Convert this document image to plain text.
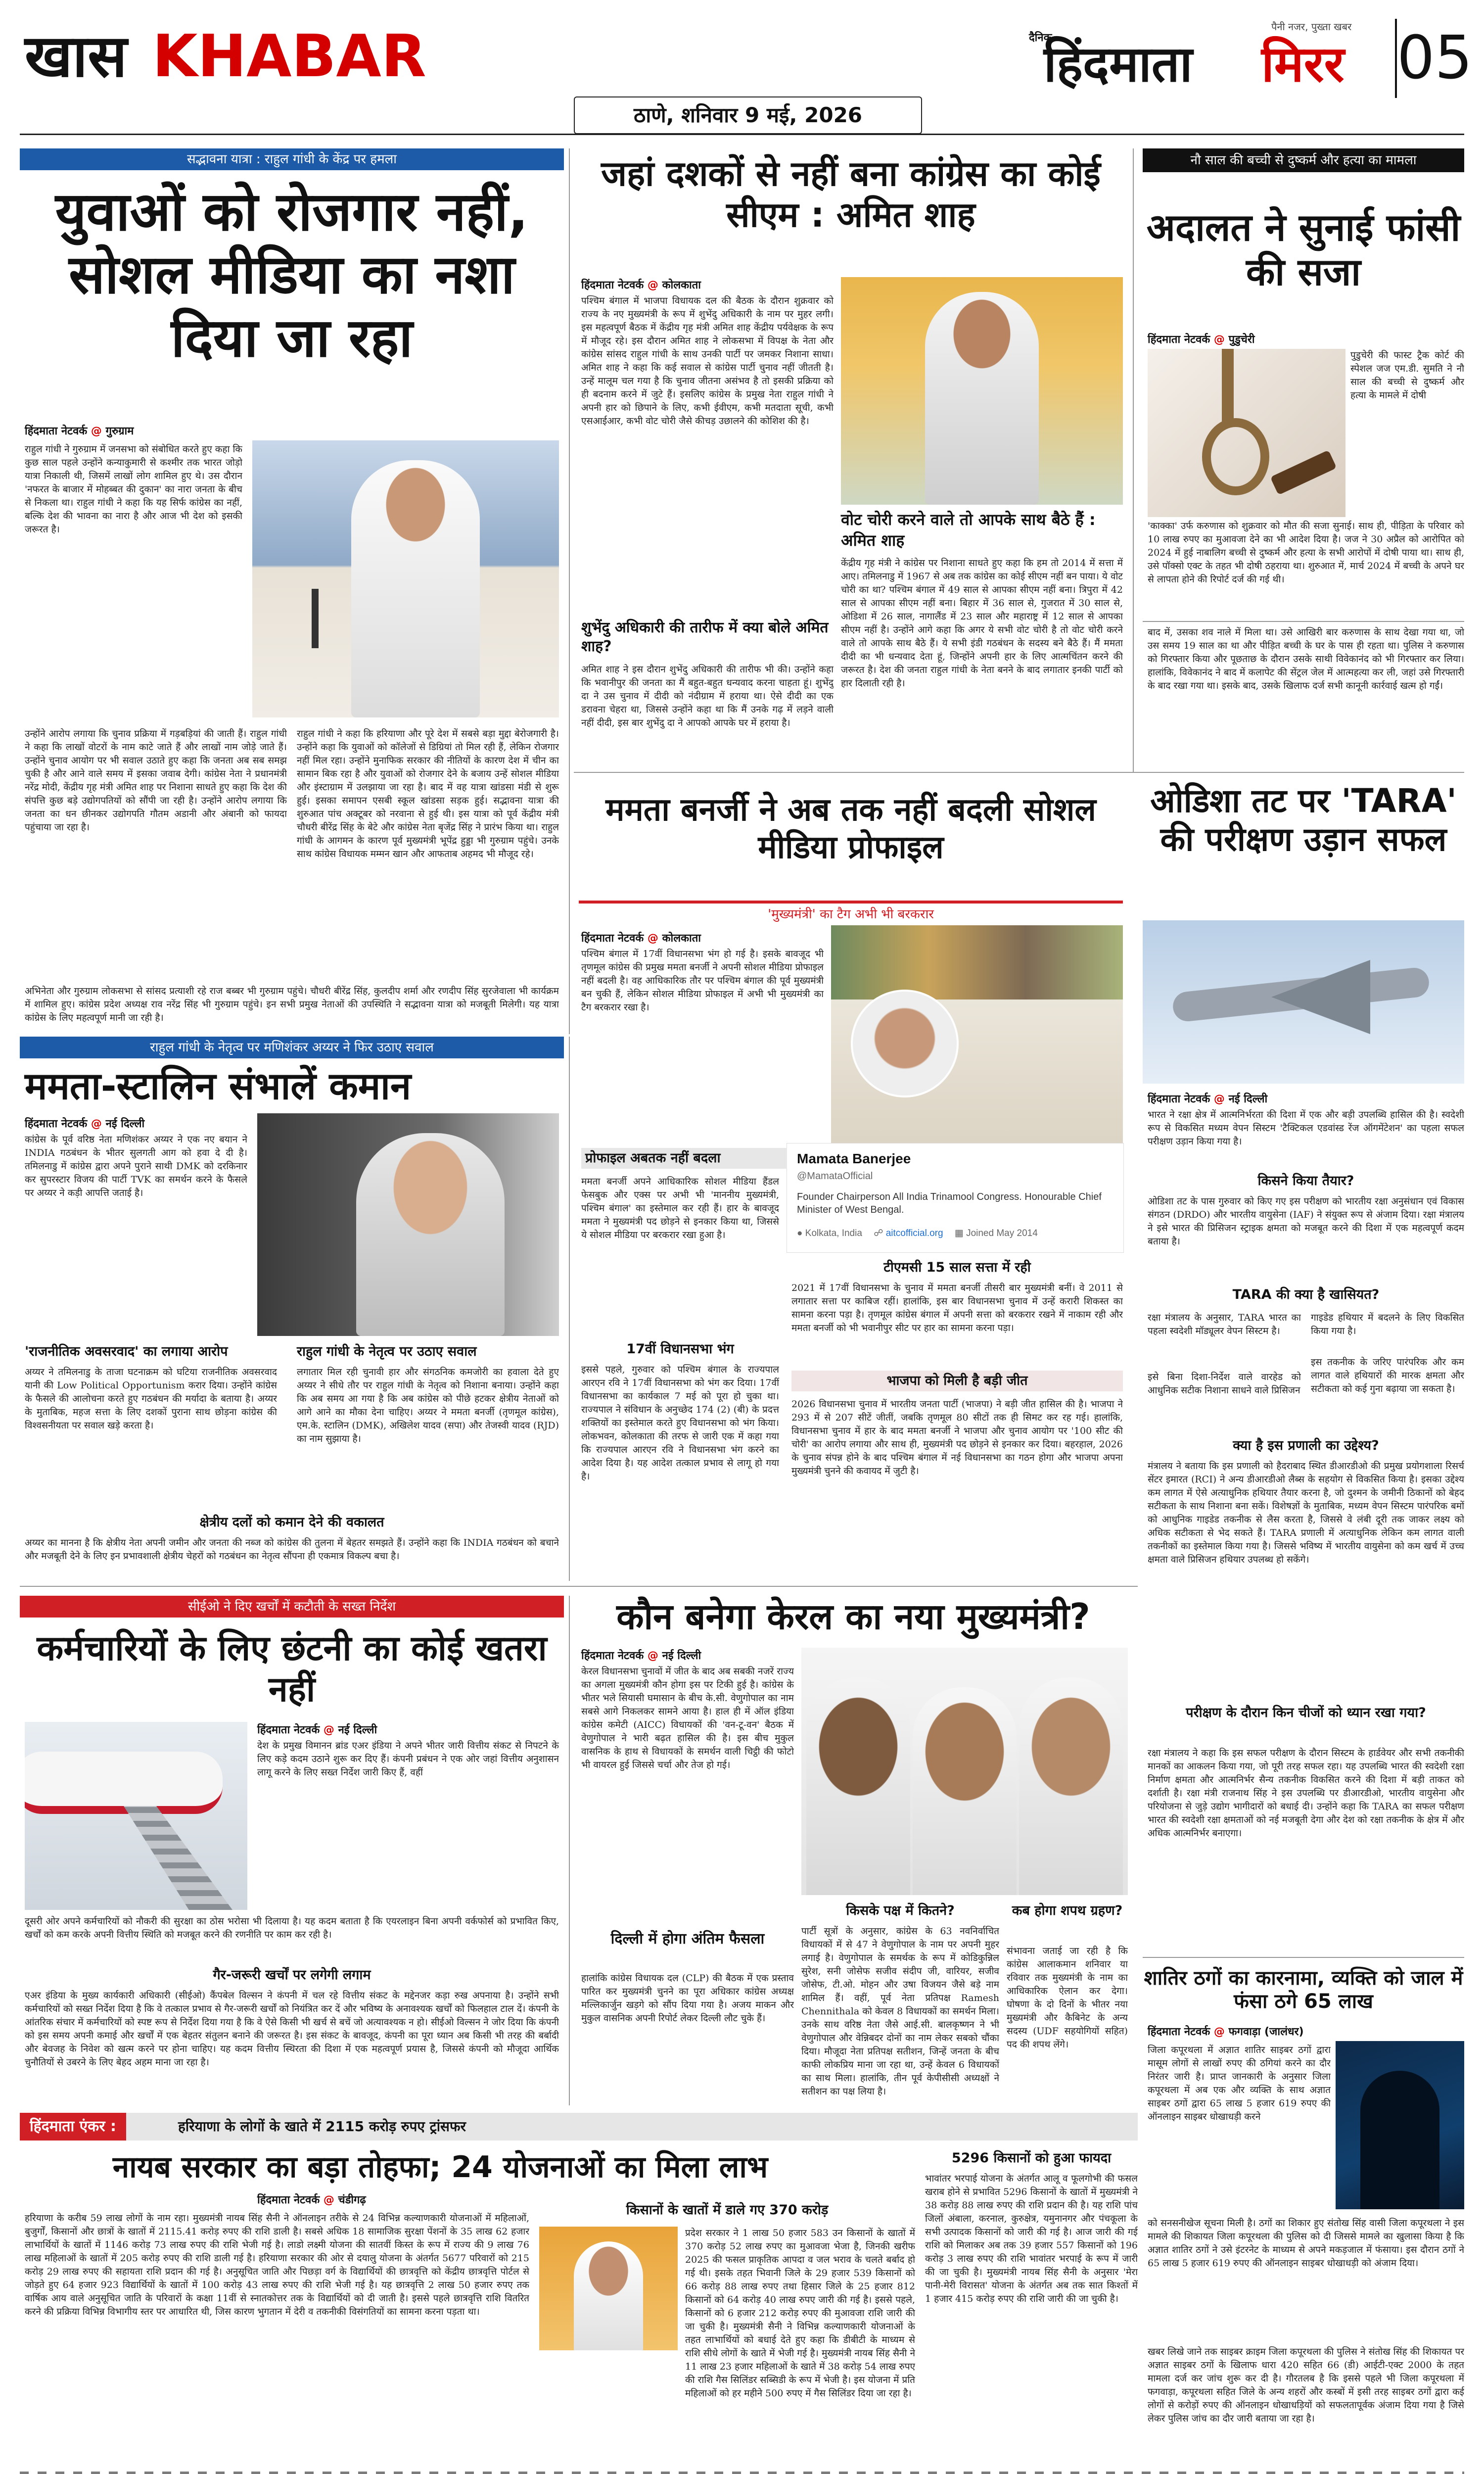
खास KHABAR
ठाणे, शनिवार 9 मई, 2026
दैनिक
हिंदमाता मिरर
पैनी नजर, पुख्ता खबर 05
सद्भावना यात्रा : राहुल गांधी के केंद्र पर हमला
युवाओं को रोजगार नहीं, सोशल मीडिया का नशा दिया जा रहा

हिंदमाता नेटवर्क @ गुरुग्राम

राहुल गांधी ने गुरुग्राम में जनसभा को संबोधित करते हुए कहा कि कुछ साल पहले उन्होंने कन्याकुमारी से कश्मीर तक भारत जोड़ो यात्रा निकाली थी, जिसमें लाखों लोग शामिल हुए थे। उस दौरान 'नफरत के बाजार में मोहब्बत की दुकान' का नारा जनता के बीच से निकला था। राहुल गांधी ने कहा कि यह सिर्फ कांग्रेस का नहीं, बल्कि देश की भावना का नारा है और आज भी देश को इसकी जरूरत है।

उन्होंने आरोप लगाया कि चुनाव प्रक्रिया में गड़बड़ियां की जाती हैं। राहुल गांधी ने कहा कि लाखों वोटरों के नाम काटे जाते हैं और लाखों नाम जोड़े जाते हैं। उन्होंने चुनाव आयोग पर भी सवाल उठाते हुए कहा कि जनता अब सब समझ चुकी है और आने वाले समय में इसका जवाब देगी। कांग्रेस नेता ने प्रधानमंत्री नरेंद्र मोदी, केंद्रीय गृह मंत्री अमित शाह पर निशाना साधते हुए कहा कि देश की संपत्ति कुछ बड़े उद्योगपतियों को सौंपी जा रही है। उन्होंने आरोप लगाया कि जनता का धन छीनकर उद्योगपति गौतम अडानी और अंबानी को फायदा पहुंचाया जा रहा है।

राहुल गांधी ने कहा कि हरियाणा और पूरे देश में सबसे बड़ा मुद्दा बेरोजगारी है। उन्होंने कहा कि युवाओं को कॉलेजों से डिग्रियां तो मिल रही हैं, लेकिन रोजगार नहीं मिल रहा। उन्होंने मुनाफिक सरकार की नीतियों के कारण देश में चीन का सामान बिक रहा है और युवाओं को रोजगार देने के बजाय उन्हें सोशल मीडिया और इंस्टाग्राम में उलझाया जा रहा है। बाद में वह यात्रा खांडसा मंडी से शुरू हुई। इसका समापन एसबी स्कूल खांडसा सड़क हुई। सद्भावना यात्रा की शुरुआत पांच अक्टूबर को नरवाना से हुई थी। इस यात्रा को पूर्व केंद्रीय मंत्री चौधरी बीरेंद्र सिंह के बेटे और कांग्रेस नेता बृजेंद्र सिंह ने प्रारंभ किया था। राहुल गांधी के आगमन के कारण पूर्व मुख्यमंत्री भूपेंद्र हुड्डा भी गुरुग्राम पहुंचे। उनके साथ कांग्रेस विधायक मम्मन खान और आफताब अहमद भी मौजूद रहे।

अभिनेता और गुरुग्राम लोकसभा से सांसद प्रत्याशी रहे राज बब्बर भी गुरुग्राम पहुंचे। चौधरी बीरेंद्र सिंह, कुलदीप शर्मा और रणदीप सिंह सुरजेवाला भी कार्यक्रम में शामिल हुए। कांग्रेस प्रदेश अध्यक्ष राव नरेंद्र सिंह भी गुरुग्राम पहुंचे। इन सभी प्रमुख नेताओं की उपस्थिति ने सद्भावना यात्रा को मजबूती मिलेगी। यह यात्रा कांग्रेस के लिए महत्वपूर्ण मानी जा रही है।

जहां दशकों से नहीं बना कांग्रेस का कोई सीएम : अमित शाह

हिंदमाता नेटवर्क @ कोलकाता

पश्चिम बंगाल में भाजपा विधायक दल की बैठक के दौरान शुक्रवार को राज्य के नए मुख्यमंत्री के रूप में शुभेंदु अधिकारी के नाम पर मुहर लगी। इस महत्वपूर्ण बैठक में केंद्रीय गृह मंत्री अमित शाह केंद्रीय पर्यवेक्षक के रूप में मौजूद रहे। इस दौरान अमित शाह ने लोकसभा में विपक्ष के नेता और कांग्रेस सांसद राहुल गांधी के साथ उनकी पार्टी पर जमकर निशाना साधा। अमित शाह ने कहा कि कई सवाल से कांग्रेस पार्टी चुनाव नहीं जीतती है। उन्हें मालूम चल गया है कि चुनाव जीतना असंभव है तो इसकी प्रक्रिया को ही बदनाम करने में जुटे हैं। इसलिए कांग्रेस के प्रमुख नेता राहुल गांधी ने अपनी हार को छिपाने के लिए, कभी ईवीएम, कभी मतदाता सूची, कभी एसआईआर, कभी वोट चोरी जैसे कीचड़ उछालने की कोशिश की है।

वोट चोरी करने वाले तो आपके साथ बैठे हैं : अमित शाह

केंद्रीय गृह मंत्री ने कांग्रेस पर निशाना साधते हुए कहा कि हम तो 2014 में सत्ता में आए। तमिलनाडु में 1967 से अब तक कांग्रेस का कोई सीएम नहीं बन पाया। ये वोट चोरी का था? पश्चिम बंगाल में 49 साल से आपका सीएम नहीं बना। त्रिपुरा में 42 साल से आपका सीएम नहीं बना। बिहार में 36 साल से, गुजरात में 30 साल से, ओडिशा में 26 साल, नागालैंड में 23 साल और महाराष्ट्र में 12 साल से आपका सीएम नहीं है। उन्होंने आगे कहा कि अगर ये सभी वोट चोरी है तो वोट चोरी करने वाले तो आपके साथ बैठे हैं। ये सभी इंडी गठबंधन के सदस्य बने बैठे हैं। मैं ममता दीदी का भी धन्यवाद देता हूं, जिन्होंने अपनी हार के लिए आत्मचिंतन करने की जरूरत है। देश की जनता राहुल गांधी के नेता बनने के बाद लगातार इनकी पार्टी को हार दिलाती रही है।

शुभेंदु अधिकारी की तारीफ में क्या बोले अमित शाह?

अमित शाह ने इस दौरान शुभेंदु अधिकारी की तारीफ भी की। उन्होंने कहा कि भवानीपुर की जनता का मैं बहुत-बहुत धन्यवाद करना चाहता हूं। शुभेंदु दा ने उस चुनाव में दीदी को नंदीग्राम में हराया था। ऐसे दीदी का एक डरावना चेहरा था, जिससे उन्होंने कहा था कि मैं उनके गढ़ में लड़ने वाली नहीं दीदी, इस बार शुभेंदु दा ने आपको आपके घर में हराया है।

नौ साल की बच्ची से दुष्कर्म और हत्या का मामला
अदालत ने सुनाई फांसी की सजा

हिंदमाता नेटवर्क @ पुडुचेरी

पुडुचेरी की फास्ट ट्रैक कोर्ट की स्पेशल जज एम.डी. सुमति ने नौ साल की बच्ची से दुष्कर्म और हत्या के मामले में दोषी

'काक्का' उर्फ करुणास को शुक्रवार को मौत की सजा सुनाई। साथ ही, पीड़िता के परिवार को 10 लाख रुपए का मुआवजा देने का भी आदेश दिया है। जज ने 30 अप्रैल को आरोपित को 2024 में हुई नाबालिग बच्ची से दुष्कर्म और हत्या के सभी आरोपों में दोषी पाया था। साथ ही, उसे पॉक्सो एक्ट के तहत भी दोषी ठहराया था। शुरुआत में, मार्च 2024 में बच्ची के अपने घर से लापता होने की रिपोर्ट दर्ज की गई थी।

बाद में, उसका शव नाले में मिला था। उसे आखिरी बार करुणास के साथ देखा गया था, जो उस समय 19 साल का था और पीड़ित बच्ची के घर के पास ही रहता था। पुलिस ने करुणास को गिरफ्तार किया और पूछताछ के दौरान उसके साथी विवेकानंद को भी गिरफ्तार कर लिया। हालांकि, विवेकानंद ने बाद में कलापेट की सेंट्रल जेल में आत्महत्या कर ली, जहां उसे गिरफ्तारी के बाद रखा गया था। इसके बाद, उसके खिलाफ दर्ज सभी कानूनी कार्रवाई खत्म हो गईं।

ममता बनर्जी ने अब तक नहीं बदली सोशल मीडिया प्रोफाइल
'मुख्यमंत्री' का टैग अभी भी बरकरार

हिंदमाता नेटवर्क @ कोलकाता

पश्चिम बंगाल में 17वीं विधानसभा भंग हो गई है। इसके बावजूद भी तृणमूल कांग्रेस की प्रमुख ममता बनर्जी ने अपनी सोशल मीडिया प्रोफाइल नहीं बदली है। वह आधिकारिक तौर पर पश्चिम बंगाल की पूर्व मुख्यमंत्री बन चुकी हैं, लेकिन सोशल मीडिया प्रोफाइल में अभी भी मुख्यमंत्री का टैग बरकरार रखा है।

Mamata Banerjee
@MamataOfficial
Founder Chairperson All India Trinamool Congress. Honourable Chief Minister of West Bengal.
● Kolkata, India ☍ aitcofficial.org ▦ Joined May 2014
प्रोफाइल अबतक नहीं बदला

ममता बनर्जी अपने आधिकारिक सोशल मीडिया हैंडल फेसबुक और एक्स पर अभी भी 'माननीय मुख्यमंत्री, पश्चिम बंगाल' का इस्तेमाल कर रही हैं। हार के बावजूद ममता ने मुख्यमंत्री पद छोड़ने से इनकार किया था, जिससे ये सोशल मीडिया पर बरकरार रखा हुआ है।

17वीं विधानसभा भंग

इससे पहले, गुरुवार को पश्चिम बंगाल के राज्यपाल आरएन रवि ने 17वीं विधानसभा को भंग कर दिया। 17वीं विधानसभा का कार्यकाल 7 मई को पूरा हो चुका था। राज्यपाल ने संविधान के अनुच्छेद 174 (2) (बी) के प्रदत्त शक्तियों का इस्तेमाल करते हुए विधानसभा को भंग किया। लोकभवन, कोलकाता की तरफ से जारी एक में कहा गया कि राज्यपाल आरएन रवि ने विधानसभा भंग करने का आदेश दिया है। यह आदेश तत्काल प्रभाव से लागू हो गया है।

टीएमसी 15 साल सत्ता में रही

2021 में 17वीं विधानसभा के चुनाव में ममता बनर्जी तीसरी बार मुख्यमंत्री बनीं। वे 2011 से लगातार सत्ता पर काबिज रहीं। हालांकि, इस बार विधानसभा चुनाव में उन्हें करारी शिकस्त का सामना करना पड़ा है। तृणमूल कांग्रेस बंगाल में अपनी सत्ता को बरकरार रखने में नाकाम रही और ममता बनर्जी को भी भवानीपुर सीट पर हार का सामना करना पड़ा।

भाजपा को मिली है बड़ी जीत

2026 विधानसभा चुनाव में भारतीय जनता पार्टी (भाजपा) ने बड़ी जीत हासिल की है। भाजपा ने 293 में से 207 सीटें जीतीं, जबकि तृणमूल 80 सीटों तक ही सिमट कर रह गई। हालांकि, विधानसभा चुनाव में हार के बाद ममता बनर्जी ने भाजपा और चुनाव आयोग पर '100 सीट की चोरी' का आरोप लगाया और साथ ही, मुख्यमंत्री पद छोड़ने से इनकार कर दिया। बहरहाल, 2026 के चुनाव संपन्न होने के बाद पश्चिम बंगाल में नई विधानसभा का गठन होगा और भाजपा अपना मुख्यमंत्री चुनने की कवायद में जुटी है।

ओडिशा तट पर 'TARA' की परीक्षण उड़ान सफल

हिंदमाता नेटवर्क @ नई दिल्ली

भारत ने रक्षा क्षेत्र में आत्मनिर्भरता की दिशा में एक और बड़ी उपलब्धि हासिल की है। स्वदेशी रूप से विकसित मध्यम वेपन सिस्टम 'टैक्टिकल एडवांस्ड रेंज ऑगमेंटेशन' का पहला सफल परीक्षण उड़ान किया गया है।

किसने किया तैयार?

ओडिशा तट के पास गुरुवार को किए गए इस परीक्षण को भारतीय रक्षा अनुसंधान एवं विकास संगठन (DRDO) और भारतीय वायुसेना (IAF) ने संयुक्त रूप से अंजाम दिया। रक्षा मंत्रालय ने इसे भारत की प्रिसिजन स्ट्राइक क्षमता को मजबूत करने की दिशा में एक महत्वपूर्ण कदम बताया है।

TARA की क्या है खासियत?

रक्षा मंत्रालय के अनुसार, TARA भारत का पहला स्वदेशी मॉड्यूलर वेपन सिस्टम है।

इसे बिना दिशा-निर्देश वाले वारहेड को आधुनिक सटीक निशाना साधने वाले प्रिसिजन

गाइडेड हथियार में बदलने के लिए विकसित किया गया है।

इस तकनीक के जरिए पारंपरिक और कम लागत वाले हथियारों की मारक क्षमता और सटीकता को कई गुना बढ़ाया जा सकता है।

क्या है इस प्रणाली का उद्देश्य?

मंत्रालय ने बताया कि इस प्रणाली को हैदराबाद स्थित डीआरडीओ की प्रमुख प्रयोगशाला रिसर्च सेंटर इमारत (RCI) ने अन्य डीआरडीओ लैब्स के सहयोग से विकसित किया है। इसका उद्देश्य कम लागत में ऐसे अत्याधुनिक हथियार तैयार करना है, जो दुश्मन के जमीनी ठिकानों को बेहद सटीकता के साथ निशाना बना सकें। विशेषज्ञों के मुताबिक, मध्यम वेपन सिस्टम पारंपरिक बमों को आधुनिक गाइडेड तकनीक से लैस करता है, जिससे वे लंबी दूरी तक जाकर लक्ष्य को अधिक सटीकता से भेद सकते हैं। TARA प्रणाली में अत्याधुनिक लेकिन कम लागत वाली तकनीकों का इस्तेमाल किया गया है। जिससे भविष्य में भारतीय वायुसेना को कम खर्च में उच्च क्षमता वाले प्रिसिजन हथियार उपलब्ध हो सकेंगे।

परीक्षण के दौरान किन चीजों को ध्यान रखा गया?

रक्षा मंत्रालय ने कहा कि इस सफल परीक्षण के दौरान सिस्टम के हार्डवेयर और सभी तकनीकी मानकों का आकलन किया गया, जो पूरी तरह सफल रहा। यह उपलब्धि भारत की स्वदेशी रक्षा निर्माण क्षमता और आत्मनिर्भर सैन्य तकनीक विकसित करने की दिशा में बड़ी ताकत को दर्शाती है। रक्षा मंत्री राजनाथ सिंह ने इस उपलब्धि पर डीआरडीओ, भारतीय वायुसेना और परियोजना से जुड़े उद्योग भागीदारों को बधाई दी। उन्होंने कहा कि TARA का सफल परीक्षण भारत की स्वदेशी रक्षा क्षमताओं को नई मजबूती देगा और देश को रक्षा तकनीक के क्षेत्र में और अधिक आत्मनिर्भर बनाएगा।

राहुल गांधी के नेतृत्व पर मणिशंकर अय्यर ने फिर उठाए सवाल
ममता-स्टालिन संभालें कमान

हिंदमाता नेटवर्क @ नई दिल्ली

कांग्रेस के पूर्व वरिष्ठ नेता मणिशंकर अय्यर ने एक नए बयान ने INDIA गठबंधन के भीतर सुलगती आग को हवा दे दी है। तमिलनाडु में कांग्रेस द्वारा अपने पुराने साथी DMK को दरकिनार कर सुपरस्टार विजय की पार्टी TVK का समर्थन करने के फैसले पर अय्यर ने कड़ी आपत्ति जताई है।

'राजनीतिक अवसरवाद' का लगाया आरोप

अय्यर ने तमिलनाडु के ताजा घटनाक्रम को घटिया राजनीतिक अवसरवाद यानी की Low Political Opportunism करार दिया। उन्होंने कांग्रेस के फैसले की आलोचना करते हुए गठबंधन की मर्यादा के बताया है। अय्यर के मुताबिक, महज सत्ता के लिए दशकों पुराना साथ छोड़ना कांग्रेस की विश्वसनीयता पर सवाल खड़े करता है।

राहुल गांधी के नेतृत्व पर उठाए सवाल

लगातार मिल रही चुनावी हार और संगठनिक कमजोरी का हवाला देते हुए अय्यर ने सीधे तौर पर राहुल गांधी के नेतृत्व को निशाना बनाया। उन्होंने कहा कि अब समय आ गया है कि अब कांग्रेस को पीछे हटकर क्षेत्रीय नेताओं को आगे आने का मौका देना चाहिए। अय्यर ने ममता बनर्जी (तृणमूल कांग्रेस), एम.के. स्टालिन (DMK), अखिलेश यादव (सपा) और तेजस्वी यादव (RJD) का नाम सुझाया है।

क्षेत्रीय दलों को कमान देने की वकालत

अय्यर का मानना है कि क्षेत्रीय नेता अपनी जमीन और जनता की नब्ज को कांग्रेस की तुलना में बेहतर समझते हैं। उन्होंने कहा कि INDIA गठबंधन को बचाने और मजबूती देने के लिए इन प्रभावशाली क्षेत्रीय चेहरों को गठबंधन का नेतृत्व सौंपना ही एकमात्र विकल्प बचा है।

सीईओ ने दिए खर्चों में कटौती के सख्त निर्देश
कर्मचारियों के लिए छंटनी का कोई खतरा नहीं

हिंदमाता नेटवर्क @ नई दिल्ली

देश के प्रमुख विमानन ब्रांड एअर इंडिया ने अपने भीतर जारी वित्तीय संकट से निपटने के लिए कड़े कदम उठाने शुरू कर दिए हैं। कंपनी प्रबंधन ने एक ओर जहां वित्तीय अनुशासन लागू करने के लिए सख्त निर्देश जारी किए हैं, वहीं

दूसरी ओर अपने कर्मचारियों को नौकरी की सुरक्षा का ठोस भरोसा भी दिलाया है। यह कदम बताता है कि एयरलाइन बिना अपनी वर्कफोर्स को प्रभावित किए, खर्चों को कम करके अपनी वित्तीय स्थिति को मजबूत करने की रणनीति पर काम कर रही है।

गैर-जरूरी खर्चों पर लगेगी लगाम

एअर इंडिया के मुख्य कार्यकारी अधिकारी (सीईओ) कैंपबेल विल्सन ने कंपनी में चल रहे वित्तीय संकट के मद्देनजर कड़ा रुख अपनाया है। उन्होंने सभी कर्मचारियों को सख्त निर्देश दिया है कि वे तत्काल प्रभाव से गैर-जरूरी खर्चों को नियंत्रित कर दें और भविष्य के अनावश्यक खर्चों को फिलहाल टाल दें। कंपनी के आंतरिक संचार में कर्मचारियों को स्पष्ट रूप से निर्देश दिया गया है कि वे ऐसे किसी भी खर्च से बचें जो अत्यावश्यक न हो। सीईओ विल्सन ने जोर दिया कि कंपनी को इस समय अपनी कमाई और खर्चों में एक बेहतर संतुलन बनाने की जरूरत है। इस संकट के बावजूद, कंपनी का पूरा ध्यान अब किसी भी तरह की बर्बादी और बेवजह के निवेश को खत्म करने पर होना चाहिए। यह कदम वित्तीय स्थिरता की दिशा में एक महत्वपूर्ण प्रयास है, जिससे कंपनी को मौजूदा आर्थिक चुनौतियों से उबरने के लिए बेहद अहम माना जा रहा है।

कौन बनेगा केरल का नया मुख्यमंत्री?

हिंदमाता नेटवर्क @ नई दिल्ली

केरल विधानसभा चुनावों में जीत के बाद अब सबकी नजरें राज्य का अगला मुख्यमंत्री कौन होगा इस पर टिकी हुई है। कांग्रेस के भीतर भले सियासी घमासान के बीच के.सी. वेणुगोपाल का नाम सबसे आगे निकलकर सामने आया है। हाल ही में ऑल इंडिया कांग्रेस कमेटी (AICC) विधायकों की 'वन-टू-वन' बैठक में वेणुगोपाल ने भारी बढ़त हासिल की है। इस बीच मुकुल वासनिक के हाथ से विधायकों के समर्थन वाली चिट्ठी की फोटो भी वायरल हुई जिससे चर्चा और तेज हो गई।

दिल्ली में होगा अंतिम फैसला

हालांकि कांग्रेस विधायक दल (CLP) की बैठक में एक प्रस्ताव पारित कर मुख्यमंत्री चुनने का पूरा अधिकार कांग्रेस अध्यक्ष मल्लिकार्जुन खड़गे को सौंप दिया गया है। अजय माकन और मुकुल वासनिक अपनी रिपोर्ट लेकर दिल्ली लौट चुके हैं।

किसके पक्ष में कितने?

पार्टी सूत्रों के अनुसार, कांग्रेस के 63 नवनिर्वाचित विधायकों में से 47 ने वेणुगोपाल के नाम पर अपनी मुहर लगाई है। वेणुगोपाल के समर्थक के रूप में कोडिकुन्निल सुरेश, सनी जोसेफ सजीव संदीप जी, वारियर, सजीव जोसेफ, टी.ओ. मोहन और उषा विजयन जैसे बड़े नाम शामिल हैं। वहीं, पूर्व नेता प्रतिपक्ष Ramesh Chennithala को केवल 8 विधायकों का समर्थन मिला। उनके साथ वरिष्ठ नेता जैसे आई.सी. बालकृष्णन ने भी वेणुगोपाल और वेन्निबदर दोनों का नाम लेकर सबको चौंका दिया। मौजूदा नेता प्रतिपक्ष सतीशन, जिन्हें जनता के बीच काफी लोकप्रिय माना जा रहा था, उन्हें केवल 6 विधायकों का साथ मिला। हालांकि, तीन पूर्व केपीसीसी अध्यक्षों ने सतीशन का पक्ष लिया है।

कब होगा शपथ ग्रहण?

संभावना जताई जा रही है कि कांग्रेस आलाकमान शनिवार या रविवार तक मुख्यमंत्री के नाम का आधिकारिक ऐलान कर देगा। घोषणा के दो दिनों के भीतर नया मुख्यमंत्री और कैबिनेट के अन्य सदस्य (UDF सहयोगियों सहित) पद की शपथ लेंगे।

शातिर ठगों का कारनामा, व्यक्ति को जाल में फंसा ठगे 65 लाख

हिंदमाता नेटवर्क @ फगवाड़ा (जालंधर)

जिला कपूरथला में अज्ञात शातिर साइबर ठगों द्वारा मासूम लोगों से लाखों रुपए की ठगियां करने का दौर निरंतर जारी है। प्राप्त जानकारी के अनुसार जिला कपूरथला में अब एक और व्यक्ति के साथ अज्ञात साइबर ठगों द्वारा 65 लाख 5 हजार 619 रुपए की ऑनलाइन साइबर धोखाधड़ी करने

को सनसनीखेज सूचना मिली है। ठगों का शिकार हुए संतोख सिंह वासी जिला कपूरथला ने इस मामले की शिकायत जिला कपूरथला की पुलिस को दी जिससे मामले का खुलासा किया है कि अज्ञात शातिर ठगों ने उसे इंटरनेट के माध्यम से अपने मकड़जाल में फंसाया। इस दौरान ठगों ने 65 लाख 5 हजार 619 रुपए की ऑनलाइन साइबर धोखाधड़ी को अंजाम दिया।

खबर लिखे जाने तक साइबर क्राइम जिला कपूरथला की पुलिस ने संतोख सिंह की शिकायत पर अज्ञात साइबर ठगों के खिलाफ धारा 420 सहित 66 (डी) आईटी-एक्ट 2000 के तहत मामला दर्ज कर जांच शुरू कर दी है। गौरतलब है कि इससे पहले भी जिला कपूरथला में फगवाड़ा, कपूरथला सहित जिले के अन्य शहरों और कस्बों में इसी तरह साइबर ठगों द्वारा कई लोगों से करोड़ों रुपए की ऑनलाइन धोखाधड़ियों को सफलतापूर्वक अंजाम दिया गया है जिसे लेकर पुलिस जांच का दौर जारी बताया जा रहा है।

हिंदमाता एंकर :	हरियाणा के लोगों के खाते में 2115 करोड़ रुपए ट्रांसफर
नायब सरकार का बड़ा तोहफा; 24 योजनाओं का मिला लाभ

हिंदमाता नेटवर्क @ चंडीगढ़

हरियाणा के करीब 59 लाख लोगों के नाम रहा। मुख्यमंत्री नायब सिंह सैनी ने ऑनलाइन तरीके से 24 विभिन्न कल्याणकारी योजनाओं में महिलाओं, बुजुर्गों, किसानों और छात्रों के खातों में 2115.41 करोड़ रुपए की राशि डाली है। सबसे अधिक 18 सामाजिक सुरक्षा पेंशनों के 35 लाख 62 हजार लाभार्थियों के खातों में 1146 करोड़ 73 लाख रुपए की राशि भेजी गई है। लाडो लक्ष्मी योजना की सातवीं किस्त के रूप में राज्य की 9 लाख 76 लाख महिलाओं के खातों में 205 करोड़ रुपए की राशि डाली गई है। हरियाणा सरकार की ओर से दयालु योजना के अंतर्गत 5677 परिवारों को 215 करोड़ 29 लाख रुपए की सहायता राशि प्रदान की गई है। अनुसूचित जाति और पिछड़ा वर्ग के विद्यार्थियों की छात्रवृत्ति को केंद्रीय छात्रवृत्ति पोर्टल से जोड़ते हुए 64 हजार 923 विद्यार्थियों के खातों में 100 करोड़ 43 लाख रुपए की राशि भेजी गई है। यह छात्रवृत्ति 2 लाख 50 हजार रुपए तक वार्षिक आय वाले अनुसूचित जाति के परिवारों के कक्षा 11वीं से स्नातकोत्तर तक के विद्यार्थियों को दी जाती है। इससे पहले छात्रवृत्ति राशि वितरित करने की प्रक्रिया विभिन्न विभागीय स्तर पर आधारित थी, जिस कारण भुगतान में देरी व तकनीकी विसंगतियों का सामना करना पड़ता था।

किसानों के खातों में डाले गए 370 करोड़

प्रदेश सरकार ने 1 लाख 50 हजार 583 उन किसानों के खातों में 370 करोड़ 52 लाख रुपए का मुआवजा भेजा है, जिनकी खरीफ 2025 की फसल प्राकृतिक आपदा व जल भराव के चलते बर्बाद हो गई थी। इसके तहत भिवानी जिले के 29 हजार 539 किसानों को 66 करोड़ 88 लाख रुपए तथा हिसार जिले के 25 हजार 812 किसानों को 64 करोड़ 40 लाख रुपए जारी की गई है। इससे पहले, किसानों को 6 हजार 212 करोड़ रुपए की मुआवजा राशि जारी की जा चुकी है। मुख्यमंत्री सैनी ने विभिन्न कल्याणकारी योजनाओं के तहत लाभार्थियों को बधाई देते हुए कहा कि डीबीटी के माध्यम से राशि सीधे लोगों के खाते में भेजी गई है। मुख्यमंत्री नायब सिंह सैनी ने 11 लाख 23 हजार महिलाओं के खाते में 38 करोड़ 54 लाख रुपए की राशि गैस सिलिंडर सब्सिडी के रूप में भेजी है। इस योजना में प्रति महिलाओं को हर महीने 500 रुपए में गैस सिलिंडर दिया जा रहा है।

5296 किसानों को हुआ फायदा

भावांतर भरपाई योजना के अंतर्गत आलू व फूलगोभी की फसल खराब होने से प्रभावित 5296 किसानों के खातों में मुख्यमंत्री ने 38 करोड़ 88 लाख रुपए की राशि प्रदान की है। यह राशि पांच जिलों अंबाला, करनाल, कुरुक्षेत्र, यमुनानगर और पंचकूला के सभी उत्पादक किसानों को जारी की गई है। आज जारी की गई राशि को मिलाकर अब तक 39 हजार 557 किसानों को 196 करोड़ 3 लाख रुपए की राशि भावांतर भरपाई के रूप में जारी की जा चुकी है। मुख्यमंत्री नायब सिंह सैनी के अनुसार 'मेरा पानी-मेरी विरासत' योजना के अंतर्गत अब तक सात किश्तों में 1 हजार 415 करोड़ रुपए की राशि जारी की जा चुकी है।
